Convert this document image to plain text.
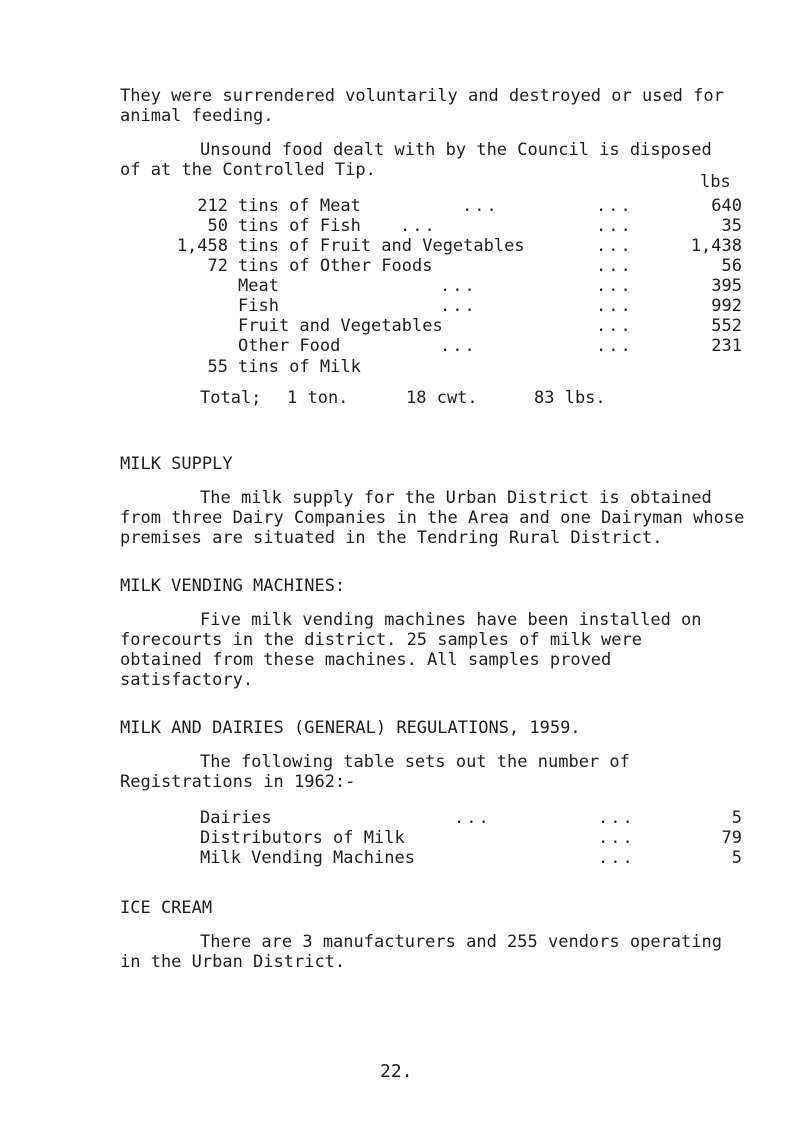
They were surrendered voluntarily and destroyed or used for
animal feeding.
Unsound food dealt with by the Council is disposed
of at the Controlled Tip.
lbs
212 tins of Meat	...	...	640
50 tins of Fish ...	...	35
1,458 tins of Fruit and Vegetables	...	1,438
72 tins of Other Foods	...	56
Meat	...	...	395
Fish	...	...	992
Fruit and Vegetables	...	552
Other Food	...	...	231
55 tins of Milk
Total; 1 ton.	18 cwt.	83 lbs.
MILK SUPPLY
The milk supply for the Urban District is obtained
from three Dairy Companies in the Area and one Dairyman whose
premises are situated in the Tendring Rural District.
MILK VENDING MACHINES:
Five milk vending machines have been installed on
forecourts in the district. 25 samples of milk were
obtained from these machines. All samples proved
satisfactory.
MILK AND DAIRIES (GENERAL) REGULATIONS, 1959.
The following table sets out the number of
Registrations in 1962:-
Dairies	...	...	5
Distributors of Milk	...	79
Milk Vending Machines	...	5
ICE CREAM
There are 3 manufacturers and 255 vendors operating
in the Urban District.
22.
